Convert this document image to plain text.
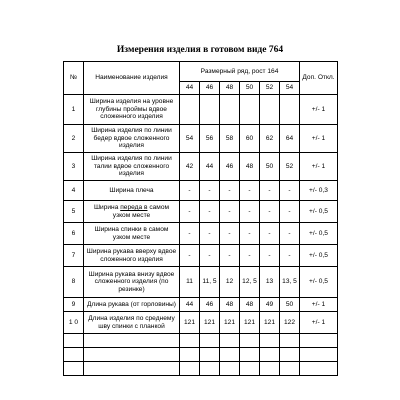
Измерения изделия в готовом виде 764
№	Наименование изделия	Размерный ряд, рост 164						Доп. Откл.
		44	46	48	50	52	54	
1	Ширина изделия на уровне глубины проймы вдвое сложенного изделия							+/- 1
2	Ширина изделия по линии бедер вдвое сложенного изделия	54	56	58	60	62	64	+/- 1
3	Ширина изделия по линии талии вдвое сложенного изделия	42	44	46	48	50	52	+/- 1
4	Ширина плеча	-	-	-	-	-	-	+/- 0,3
5	Ширина переда в самом узком месте	-	-	-	-	-	-	+/- 0,5
6	Ширина спинки в самом узком месте	-	-	-	-	-	-	+/- 0,5
7	Ширина рукава вверху вдвое сложенного изделия	-	-	-	-	-	-	+/- 0,5
8	Ширина рукава внизу вдвое сложенного изделия (по резинке)	11	11, 5	12	12, 5	13	13, 5	+/- 0,5
9	Длина рукава (от горловины)	44	46	48	48	49	50	+/- 1
1 0	Длина изделия по среднему шву спинки с планкой	121	121	121	121	121	122	+/- 1
